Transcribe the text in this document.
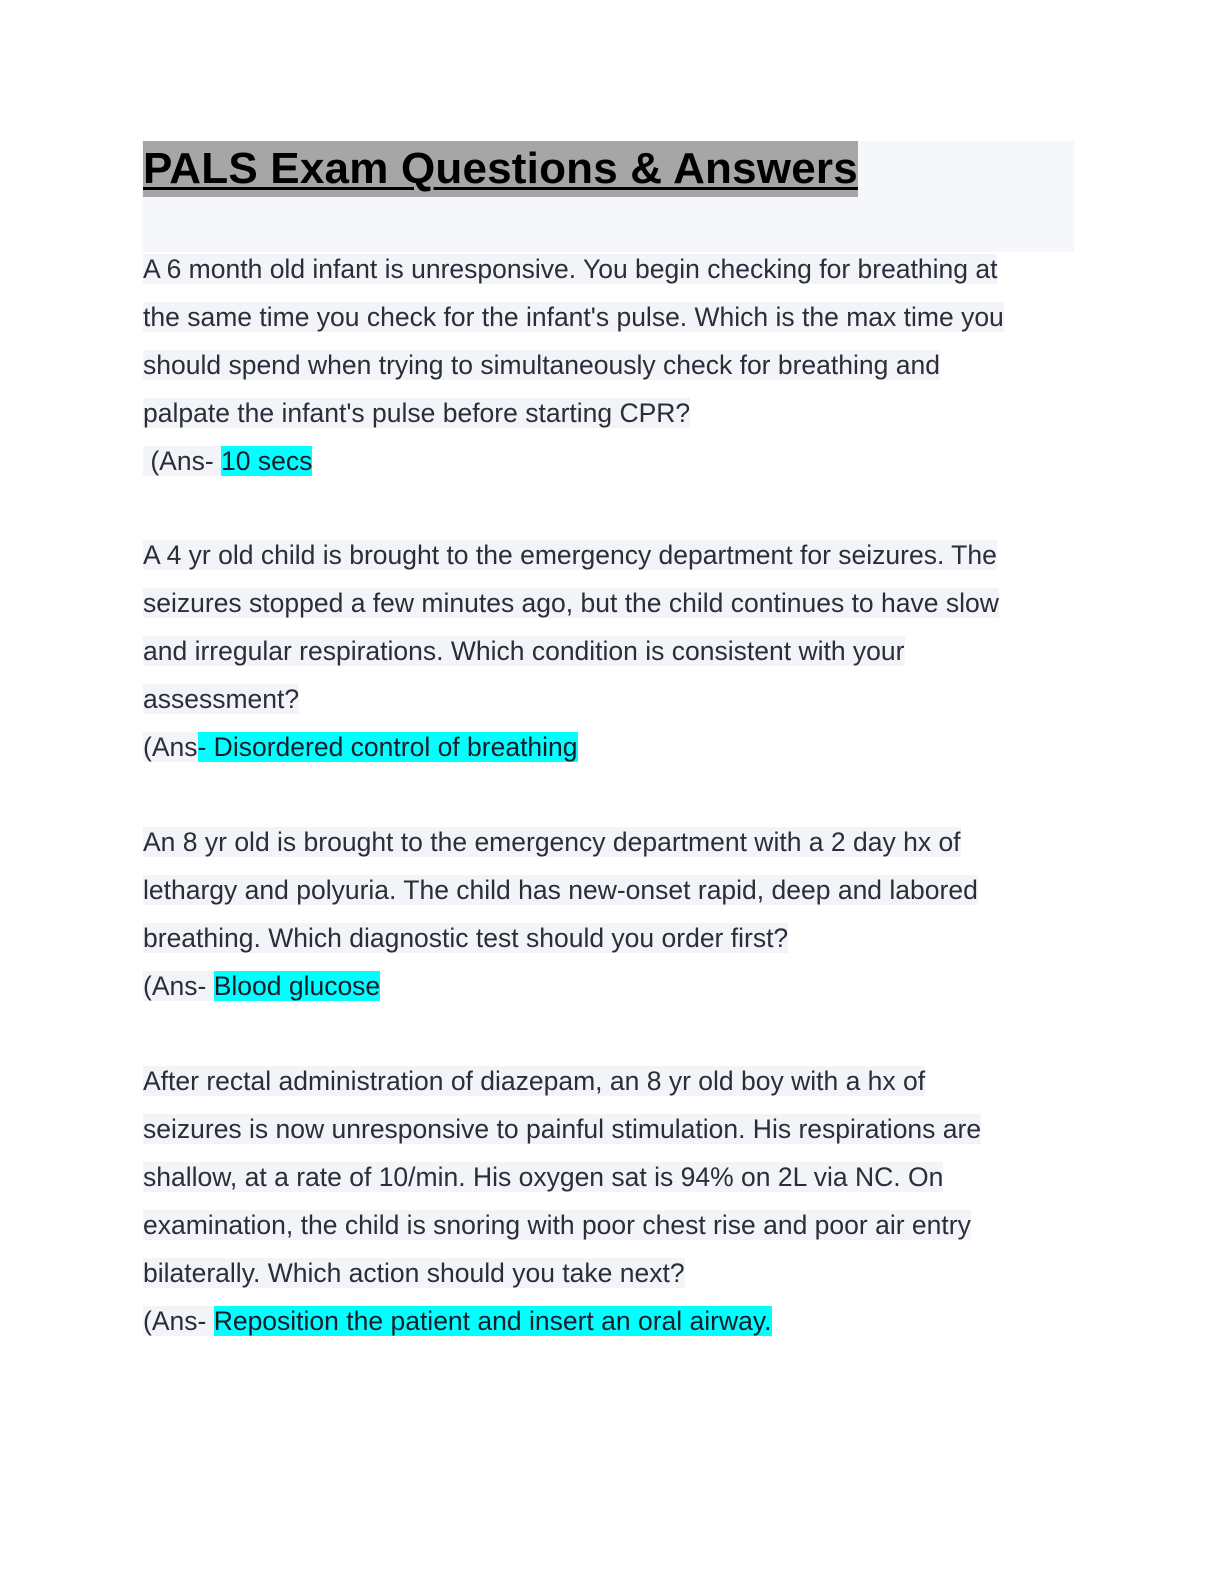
PALS Exam Questions & Answers
A 6 month old infant is unresponsive. You begin checking for breathing at
the same time you check for the infant's pulse. Which is the max time you
should spend when trying to simultaneously check for breathing and
palpate the infant's pulse before starting CPR?
(Ans- 10 secs
A 4 yr old child is brought to the emergency department for seizures. The
seizures stopped a few minutes ago, but the child continues to have slow
and irregular respirations. Which condition is consistent with your
assessment?
(Ans- Disordered control of breathing
An 8 yr old is brought to the emergency department with a 2 day hx of
lethargy and polyuria. The child has new-onset rapid, deep and labored
breathing. Which diagnostic test should you order first?
(Ans- Blood glucose
After rectal administration of diazepam, an 8 yr old boy with a hx of
seizures is now unresponsive to painful stimulation. His respirations are
shallow, at a rate of 10/min. His oxygen sat is 94% on 2L via NC. On
examination, the child is snoring with poor chest rise and poor air entry
bilaterally. Which action should you take next?
(Ans- Reposition the patient and insert an oral airway.
